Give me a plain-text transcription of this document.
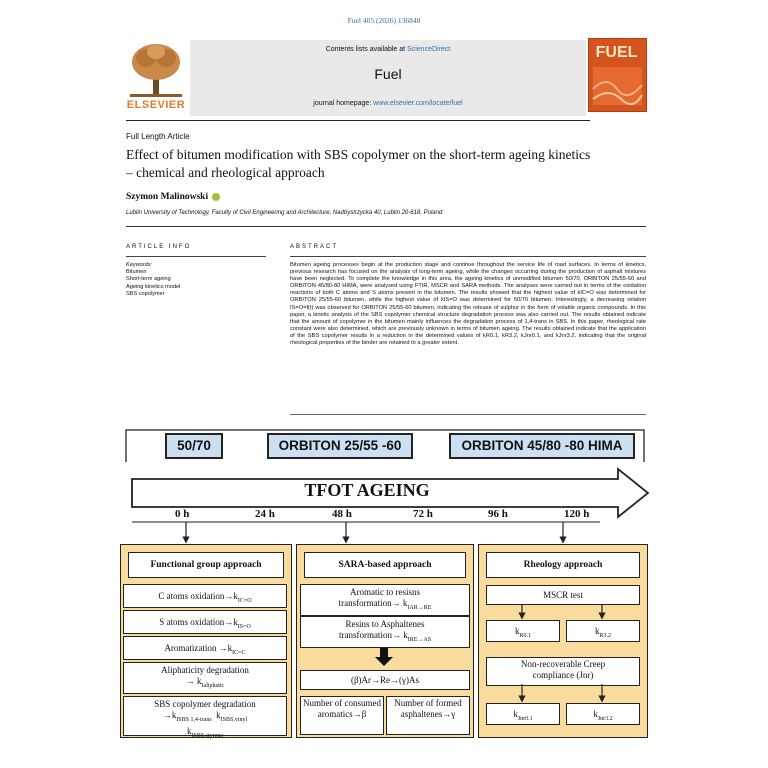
Fuel 405 (2026) 136848
ELSEVIER
Contents lists available at ScienceDirect
Fuel
journal homepage: www.elsevier.com/locate/fuel
FUEL
Full Length Article
Effect of bitumen modification with SBS copolymer on the short-term ageing kinetics – chemical and rheological approach
Szymon Malinowski
Lublin University of Technology, Faculty of Civil Engineering and Architecture, Nadbystrzycka 40, Lublin 20-618, Poland
ARTICLE INFO
Keywords:
Bitumen
Short-term ageing
Ageing kinetics model
SBS copolymer
ABSTRACT
Bitumen ageing processes begin at the production stage and continue throughout the service life of road surfaces. In terms of kinetics, previous research has focused on the analysis of long-term ageing, while the changes occurring during the production of asphalt mixtures have been neglected. To complete the knowledge in this area, the ageing kinetics of unmodified bitumen 50/70, ORBITON 25/55-60 and ORBITON 45/80-80 HIMA, were analysed using FTIR, MSCR and SARA methods. The analyses were carried out in terms of the oxidation reactions of both C atoms and S atoms present in the bitumen. The results showed that the highest value of kIC=O was determined for ORBITON 25/55-60 bitumen, while the highest value of kIS=O was determined for 50/70 bitumen. Interestingly, a decreasing relation IS=O=f(t) was observed for ORBITON 25/55-60 bitumen, indicating the release of sulphur in the form of volatile organic compounds. In this paper, a kinetic analysis of the SBS copolymer chemical structure degradation process was also carried out. The results obtained indicate that the amount of copolymer in the bitumen mainly influences the degradation process of 1,4-trans in SBS. In this paper, rheological rate constant were also determined, which are previously unknown in terms of bitumen ageing. The results obtained indicate that the application of the SBS copolymer results in a reduction in the determined values of kR0.1, kR3.2, kJnr0.1, and kJnr3.2, indicating that the original rheological properties of the binder are retained to a greater extent.
50/70	ORBITON 25/55 -60	ORBITON 45/80 -80 HIMA
TFOT AGEING
0 h	24 h	48 h	72 h	96 h	120 h
Functional group approach
C atoms $oxidation\to k_{IC=O}$
S atoms $oxidation\to k_{IS=O}$
Aromatization $\to k_{IC=C}$
Aliphaticity degradation
→ $k_{Ialiphatic}$
SBS copolymer degradation
$\to k_{ISBS 1,4-trans}$ $k_{ISBS,vinyl}$
$k_{ISBS,styrene}$
SARA-based approach
Aromatic to resisns
transformation→ $k_{IAR\to RE}$
Resins to Asphaltenes
transformation→ $k_{IRE\to AS}$
(β)Ar→Re→(γ)As
Number of consumed aromatics→β
Number of formed asphaltenes→γ
Rheology approach
MSCR test
$k_{R0.1}$	$k_{R3.2}$
Non-recoverable Creep
compliance (Jnr)
$k_{Jnr0.1}$	$k_{Jnr3.2}$
